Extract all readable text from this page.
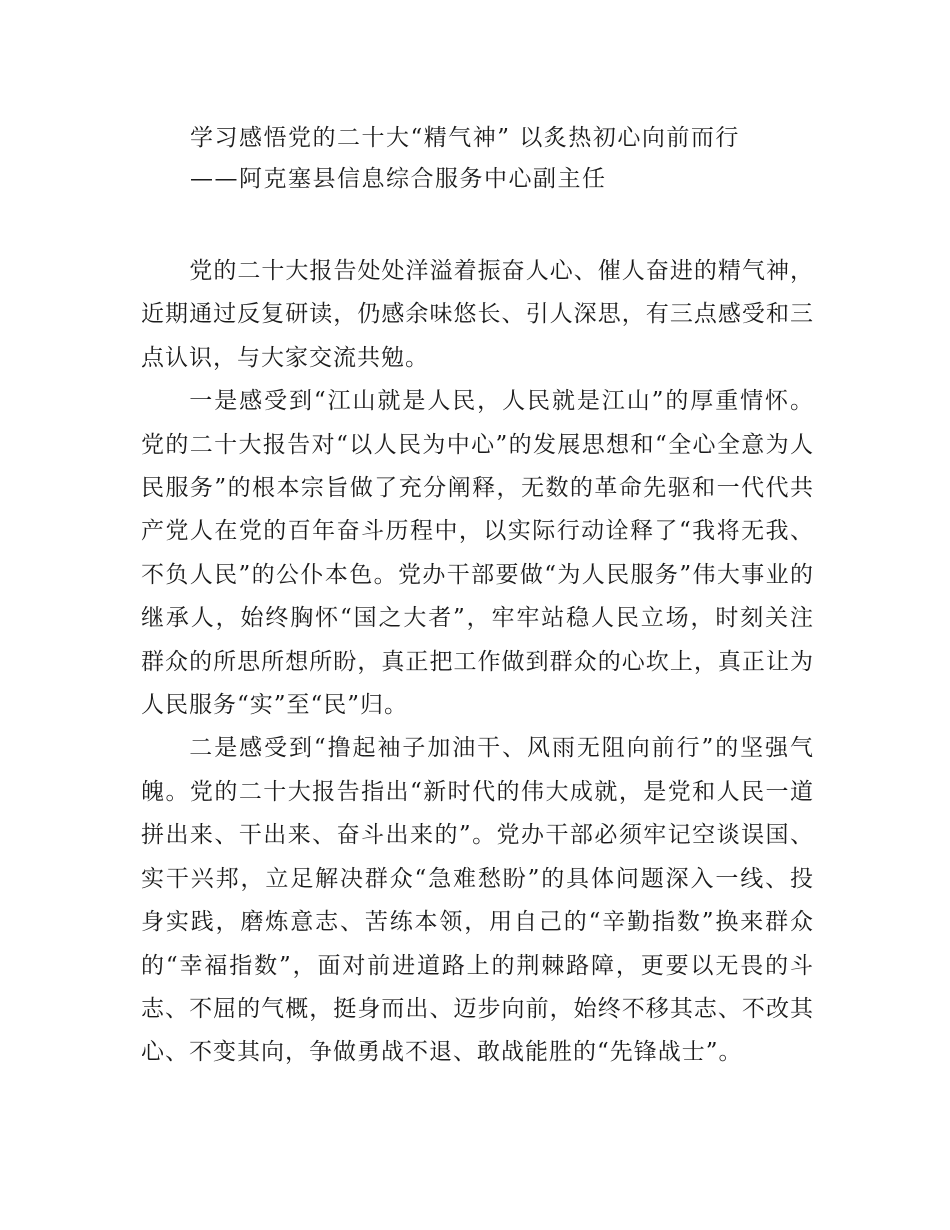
学习感悟党的二十大“精气神” 以炙热初心向前而行
——阿克塞县信息综合服务中心副主任

党的二十大报告处处洋溢着振奋人心、催人奋进的精气神，近期通过反复研读，仍感余味悠长、引人深思，有三点感受和三点认识，与大家交流共勉。

一是感受到“江山就是人民，人民就是江山”的厚重情怀。党的二十大报告对“以人民为中心”的发展思想和“全心全意为人民服务”的根本宗旨做了充分阐释，无数的革命先驱和一代代共产党人在党的百年奋斗历程中，以实际行动诠释了“我将无我、不负人民”的公仆本色。党办干部要做“为人民服务”伟大事业的继承人，始终胸怀“国之大者”，牢牢站稳人民立场，时刻关注群众的所思所想所盼，真正把工作做到群众的心坎上，真正让为人民服务“实”至“民”归。

二是感受到“撸起袖子加油干、风雨无阻向前行”的坚强气魄。党的二十大报告指出“新时代的伟大成就，是党和人民一道拼出来、干出来、奋斗出来的”。党办干部必须牢记空谈误国、实干兴邦，立足解决群众“急难愁盼”的具体问题深入一线、投身实践，磨炼意志、苦练本领，用自己的“辛勤指数”换来群众的“幸福指数”，面对前进道路上的荆棘路障，更要以无畏的斗志、不屈的气概，挺身而出、迈步向前，始终不移其志、不改其心、不变其向，争做勇战不退、敢战能胜的“先锋战士”。
